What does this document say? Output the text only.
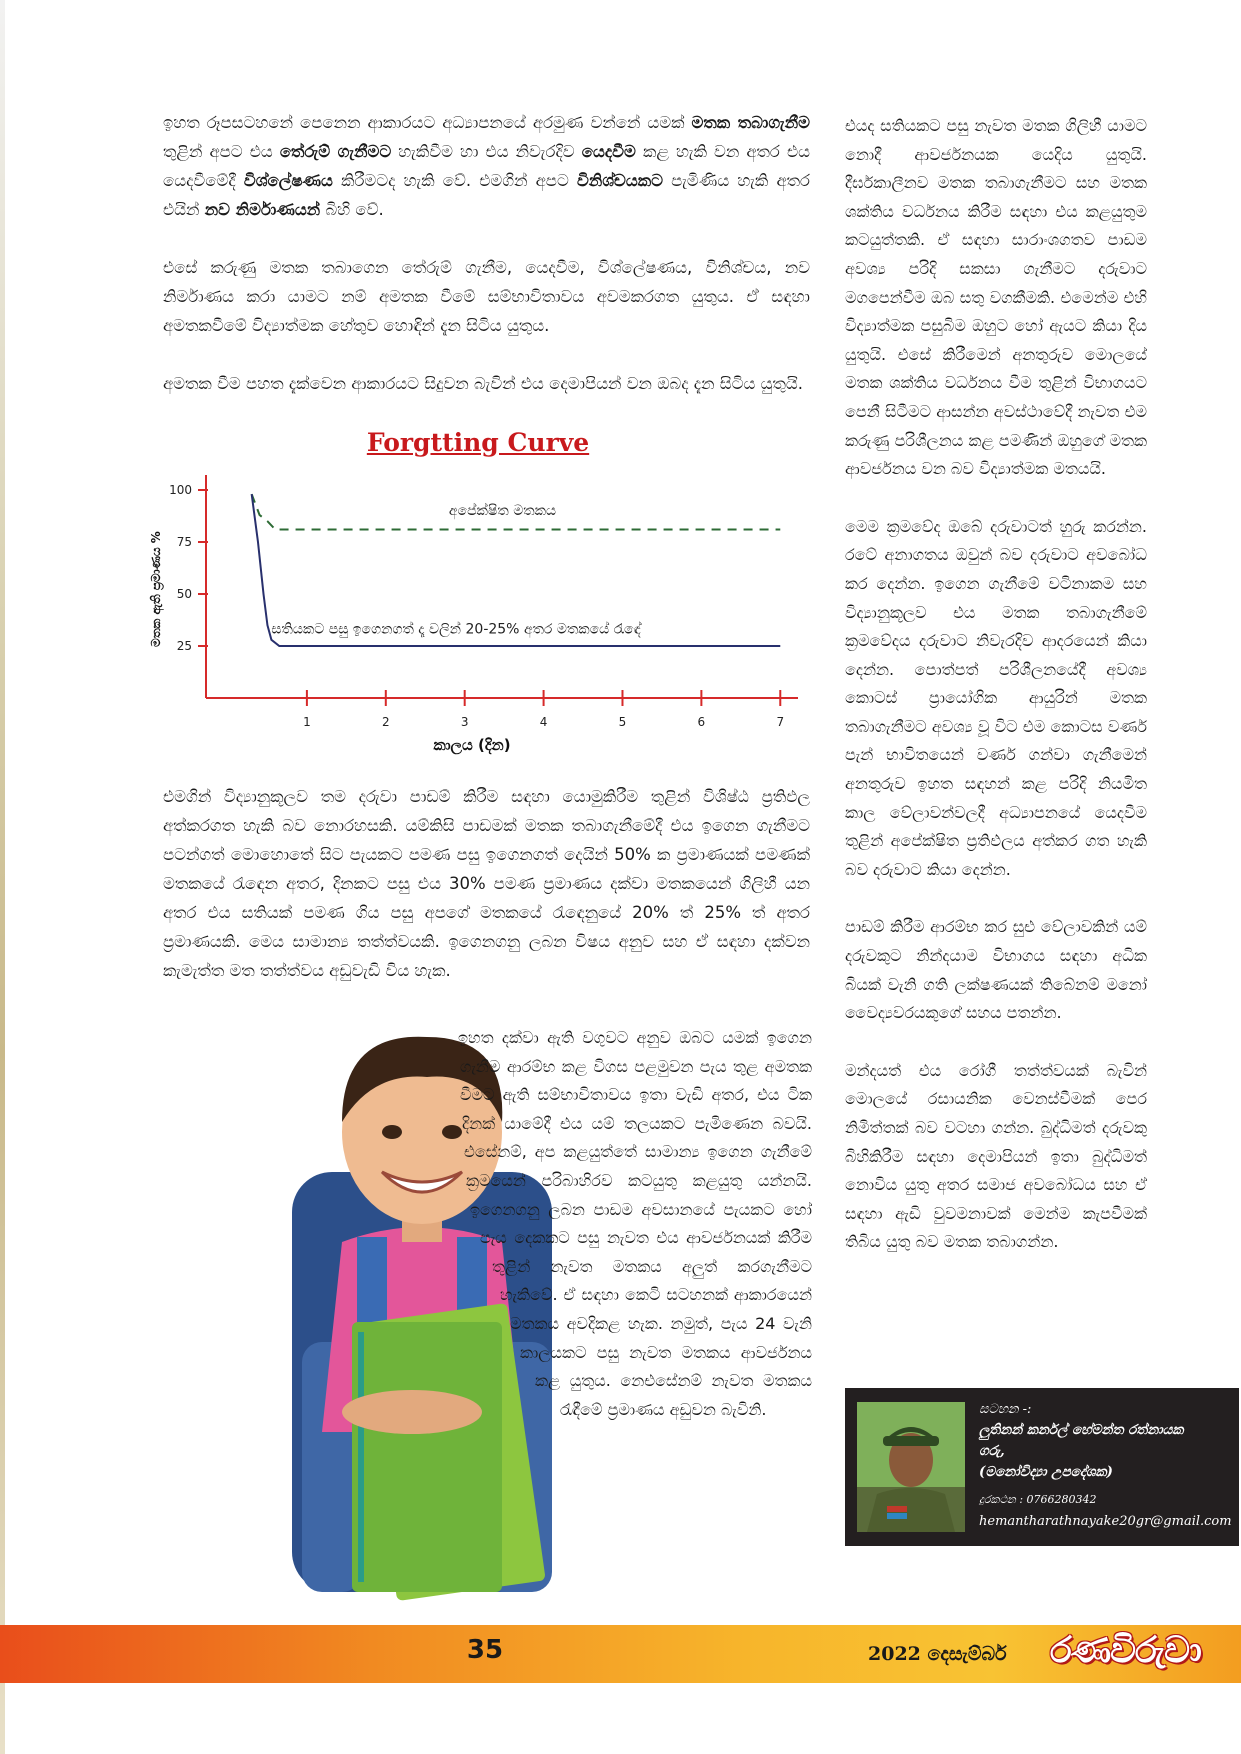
ඉහත රූපසටහනේ පෙනෙන ආකාරයට අධ්‍යාපනයේ අරමුණ වන්නේ යමක් මතක තබාගැනීම තුළින් අපට එය තේරුම් ගැනීමට හැකිවීම හා එය නිවැරදිව යෙදවීම කළ හැකි වන අතර එය යෙදවීමේදී විශ්ලේෂණය කිරීමටද හැකි වේ. එමගින් අපට විනිශ්චයකට පැමිණිය හැකි අතර එයින් නව නිර්මාණයන් බිහි වේ.

එසේ කරුණු මතක තබාගෙන තේරුම් ගැනීම, යෙදවීම, විශ්ලේෂණය, විනිශ්චය, නව නිර්මාණය කරා යාමට නම් අමතක වීමේ සම්භාවිතාවය අවමකරගත යුතුය. ඒ සඳහා අමතකවීමේ විද්‍යාත්මක හේතුව හොඳින් දැන සිටිය යුතුය.

අමතක වීම පහත දැක්වෙන ආකාරයට සිදුවන බැවින් එය දෙමාපියන් වන ඔබද දැන සිටිය යුතුයි.

Forgtting Curve
25
50
75
100
1	2	3	4	5	6	7
කාලය (දින)
මතක ඇති ප්‍රමාණය %
අපේක්ෂිත මතකය
සතියකට පසු ඉගෙනගත් දෑ වලින් 20-25% අතර මතකයේ රැඳේ

එමගින් විද්‍යානුකූලව තම දරුවා පාඩම් කිරීම සඳහා යොමුකිරීම තුළින් විශිෂ්ඨ ප්‍රතිඵල අත්කරගත හැකි බව නොරහසකි. යම්කිසි පාඩමක් මතක තබාගැනීමේදී එය ඉගෙන ගැනීමට පටන්ගත් මොහොතේ සිට පැයකට පමණ පසු ඉගෙනගත් දෙයින් 50% ක ප්‍රමාණයක් පමණක් මතකයේ රැඳෙන අතර, දිනකට පසු එය 30% පමණ ප්‍රමාණය දක්වා මතකයෙන් ගිලිහී යන අතර එය සතියක් පමණ ගිය පසු අපගේ මතකයේ රැඳෙනුයේ 20% ත් 25% ත් අතර ප්‍රමාණයකි. මෙය සාමාන්‍ය තත්ත්වයකි. ඉගෙනගනු ලබන විෂය අනුව සහ ඒ සඳහා දක්වන කැමැත්ත මත තත්ත්වය අඩුවැඩි විය හැක.

ඉහත දක්වා ඇති වගුවට අනුව ඔබට යමක් ඉගෙන ගැනීම ආරම්භ කළ විගස පළමුවන පැය තුළ අමතක වීමට ඇති සම්භාවිතාවය ඉතා වැඩි අතර, එය ටික දිනක් යාමේදී එය යම් තලයකට පැමිණෙන බවයි. එසේනම්, අප කළයුත්තේ සාමාන්‍ය ඉගෙන ගැනීමේ ක්‍රමයෙන් පරිබාහිරව කටයුතු කළයුතු යන්නයි. ඉගෙනගනු ලබන පාඩම අවසානයේ පැයකට හෝ පැය දෙකකට පසු නැවත එය ආවර්ජනයක් කිරීම තුළින් නැවත මතකය අලුත් කරගැනීමට හැකිවේ. ඒ සඳහා කෙටි සටහනක් ආකාරයෙන් මතකය අවදිකළ හැක. නමුත්, පැය 24 වැනි කාලයකට පසු නැවත මතකය ආවර්ජනය කළ යුතුය. නෙඑසේනම් නැවත මතකය රැඳීමේ ප්‍රමාණය අඩුවන බැවිනි.

එයද සතියකට පසු නැවත මතක ගිලිහී යාමට නොදී ආවර්ජනයක යෙදිය යුතුයි. දීර්ඝකාලීනව මතක තබාගැනීමට සහ මතක ශක්තිය වර්ධනය කිරීම සඳහා එය කළයුතුම කටයුත්තකි. ඒ සඳහා සාරාංශගතව පාඩම අවශ්‍ය පරිදි සකසා ගැනීමට දරුවාට මගපෙන්වීම ඔබ සතු වගකීමකි. එමෙන්ම එහි විද්‍යාත්මක පසුබිම ඔහුට හෝ ඇයට කියා දිය යුතුයි. එසේ කිරීමෙන් අනතුරුව මොලයේ මතක ශක්තිය වර්ධනය වීම තුළින් විභාගයට පෙනී සිටීමට ආසන්න අවස්ථාවේදී නැවත එම කරුණු පරිශීලනය කළ පමණින් ඔහුගේ මතක ආවර්ජනය වන බව විද්‍යාත්මක මතයයි.

මෙම ක්‍රමවේද ඔබේ දරුවාටත් හුරු කරන්න. රටේ අනාගතය ඔවුන් බව දරුවාට අවබෝධ කර දෙන්න. ඉගෙන ගැනීමේ වටිනාකම සහ විද්‍යානුකූලව එය මතක තබාගැනීමේ ක්‍රමවේදය දරුවාට නිවැරදිව ආදරයෙන් කියා දෙන්න. පොත්පත් පරිශීලනයේදී අවශ්‍ය කොටස් ප්‍රායෝගික ආයුරින් මතක තබාගැනීමට අවශ්‍ය වූ විට එම කොටස වර්ණ පැන් භාවිතයෙන් වර්ණ ගන්වා ගැනීමෙන් අනතුරුව ඉහත සඳහන් කළ පරිදි නියමිත කාල වේලාවන්වලදී අධ්‍යාපනයේ යෙදවීම තුළින් අපේක්ෂිත ප්‍රතිඵලය අත්කර ගත හැකි බව දරුවාට කියා දෙන්න.

පාඩම් කිරීම ආරම්භ කර සුළු වේලාවකින් යම් දරුවකුට නින්දයාම විභාගය සඳහා අධික බියක් වැනි ගති ලක්ෂණයක් තිබේනම් මනෝ වෛද්‍යවරයකුගේ සහය පතන්න.

මන්දයත් එය රෝගී තත්ත්වයක් බැවින් මොලයේ රසායනික වෙනස්වීමක් පෙර නිමිත්තක් බව වටහා ගන්න. බුද්ධිමත් දරුවකු බිහිකිරීම සඳහා දෙමාපියන් ඉතා බුද්ධිමත් නොවිය යුතු අතර සමාජ අවබෝධය සහ ඒ සඳහා ඇඩි වුවමනාවක් මෙන්ම කැපවීමක් තිබිය යුතු බව මතක තබාගන්න.

සටහන -:
ලුතිනන් කර්නල් හේමන්ත රත්නායක
ගරු,
(මනෝවිද්‍යා උපදේශක)
දුරකථන : 0766280342
hemantharathnayake20gr@gmail.com
35	2022 දෙසැම්බර් රණවිරුවා
